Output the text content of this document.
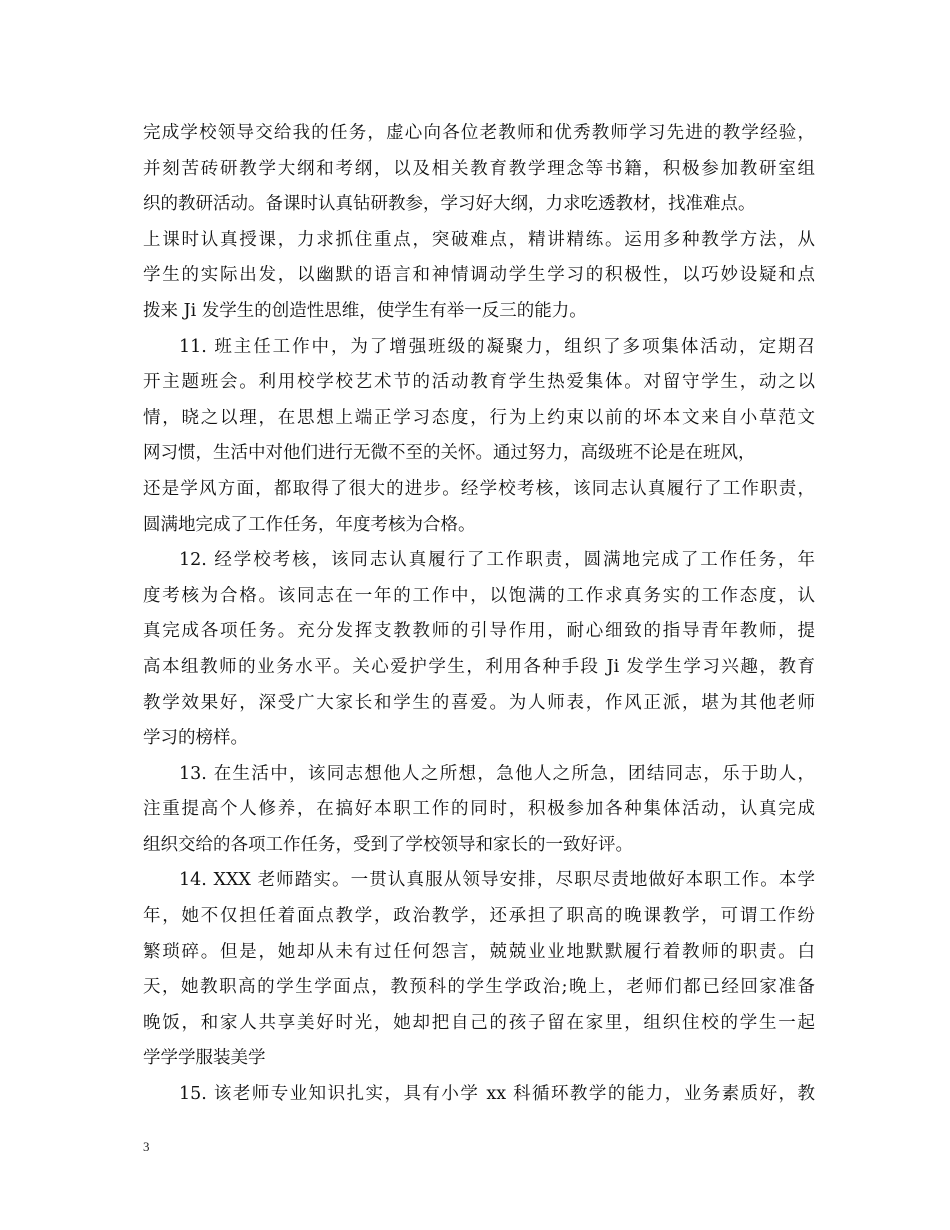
完成学校领导交给我的任务，虚心向各位老教师和优秀教师学习先进的教学经验，
并刻苦砖研教学大纲和考纲，以及相关教育教学理念等书籍，积极参加教研室组
织的教研活动。备课时认真钻研教参，学习好大纲，力求吃透教材，找准难点。
上课时认真授课，力求抓住重点，突破难点，精讲精练。运用多种教学方法，从
学生的实际出发，以幽默的语言和神情调动学生学习的积极性，以巧妙设疑和点
拨来 Ji 发学生的创造性思维，使学生有举一反三的能力。
11. 班主任工作中，为了增强班级的凝聚力，组织了多项集体活动，定期召
开主题班会。利用校学校艺术节的活动教育学生热爱集体。对留守学生，动之以
情，晓之以理，在思想上端正学习态度，行为上约束以前的坏本文来自小草范文
网习惯，生活中对他们进行无微不至的关怀。通过努力，高级班不论是在班风，
还是学风方面，都取得了很大的进步。经学校考核，该同志认真履行了工作职责，
圆满地完成了工作任务，年度考核为合格。
12. 经学校考核，该同志认真履行了工作职责，圆满地完成了工作任务，年
度考核为合格。该同志在一年的工作中，以饱满的工作求真务实的工作态度，认
真完成各项任务。充分发挥支教教师的引导作用，耐心细致的指导青年教师，提
高本组教师的业务水平。关心爱护学生，利用各种手段 Ji 发学生学习兴趣，教育
教学效果好，深受广大家长和学生的喜爱。为人师表，作风正派，堪为其他老师
学习的榜样。
13. 在生活中，该同志想他人之所想，急他人之所急，团结同志，乐于助人，
注重提高个人修养，在搞好本职工作的同时，积极参加各种集体活动，认真完成
组织交给的各项工作任务，受到了学校领导和家长的一致好评。
14. XXX 老师踏实。一贯认真服从领导安排，尽职尽责地做好本职工作。本学
年，她不仅担任着面点教学，政治教学，还承担了职高的晚课教学，可谓工作纷
繁琐碎。但是，她却从未有过任何怨言，兢兢业业地默默履行着教师的职责。白
天，她教职高的学生学面点，教预科的学生学政治;晚上，老师们都已经回家准备
晚饭，和家人共享美好时光，她却把自己的孩子留在家里，组织住校的学生一起
学学学服装美学
15. 该老师专业知识扎实，具有小学 xx 科循环教学的能力，业务素质好，教
3
